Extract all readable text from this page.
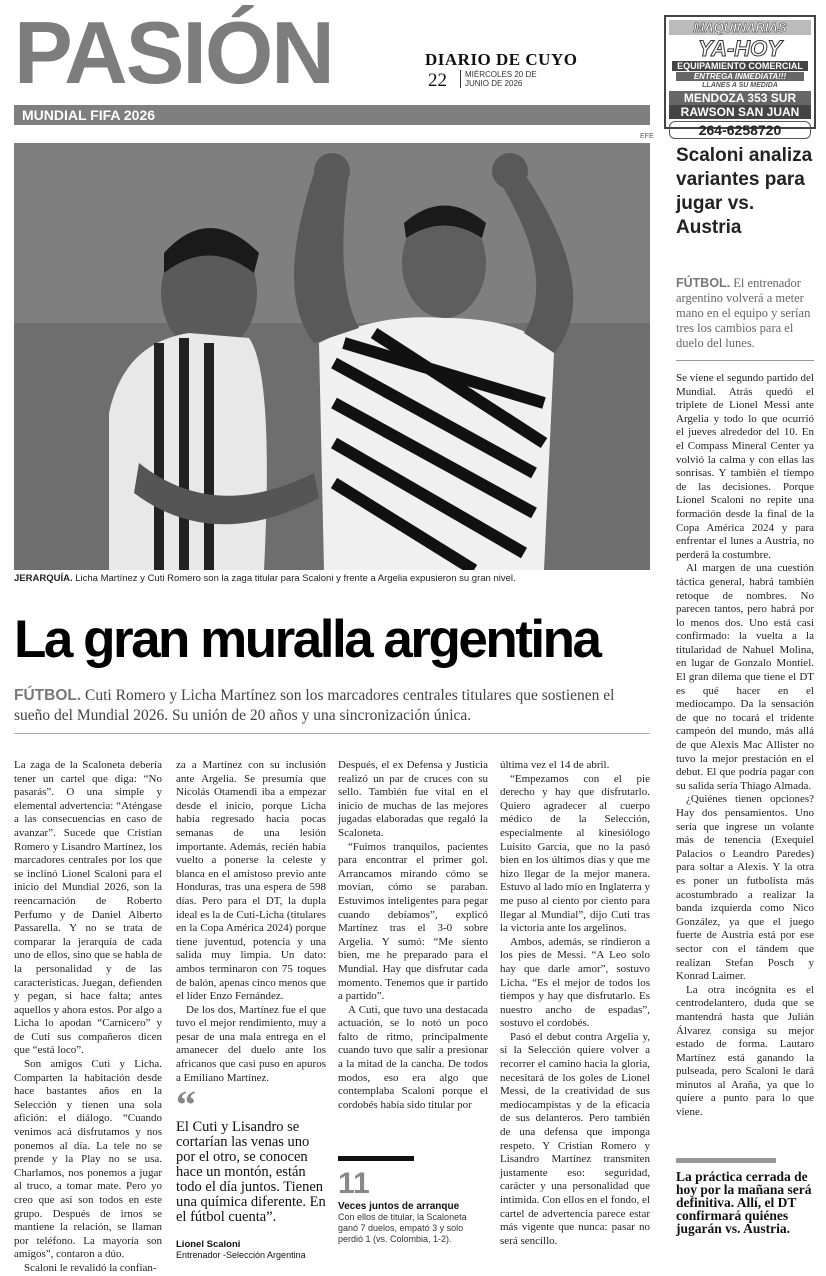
PASIÓN	DIARIO DE CUYO
22 MIÉRCOLES 20 DE
JUNIO DE 2026
MAQUINARIAS
YA-HOY
EQUIPAMIENTO COMERCIAL
ENTREGA INMEDIATA!!!
LLANES A SU MEDIDA
MENDOZA 353 SUR
RAWSON SAN JUAN
264-6258720
MUNDIAL FIFA 2026
EFE
JERARQUÍA. Licha Martínez y Cuti Romero son la zaga titular para Scaloni y frente a Argelia expusieron su gran nivel.
La gran muralla argentina
FÚTBOL. Cuti Romero y Licha Martínez son los marcadores centrales titulares que sostienen el sueño del Mundial 2026. Su unión de 20 años y una sincronización única.

La zaga de la Scaloneta debería tener un cartel que diga: “No pasarás”. O una simple y elemental advertencia: “Aténgase a las consecuencias en caso de avanzar”. Sucede que Cristian Romero y Lisandro Martínez, los marcadores centrales por los que se inclinó Lionel Scaloni para el inicio del Mundial 2026, son la reencarnación de Roberto Perfumo y de Daniel Alberto Passarella. Y no se trata de comparar la jerarquía de cada uno de ellos, sino que se habla de la personalidad y de las características. Juegan, defienden y pegan, si hace falta; antes aquellos y ahora estos. Por algo a Licha lo apodan “Carnicero” y de Cuti sus compañeros dicen que “está loco”.

Son amigos Cuti y Licha. Comparten la habitación desde hace bastantes años en la Selección y tienen una sola afición: el diálogo. “Cuando venimos acá disfrutamos y nos ponemos al día. La tele no se prende y la Play no se usa. Charlamos, nos ponemos a jugar al truco, a tomar mate. Pero yo creo que así son todos en este grupo. Después de irnos se mantiene la relación, se llaman por teléfono. La mayoría son amigos”, contaron a dúo.

Scaloni le revalidó la confian-

za a Martínez con su inclusión ante Argelia. Se presumía que Nicolás Otamendi iba a empezar desde el inicio, porque Licha había regresado hacia pocas semanas de una lesión importante. Además, recién había vuelto a ponerse la celeste y blanca en el amistoso previo ante Honduras, tras una espera de 598 días. Pero para el DT, la dupla ideal es la de Cuti-Licha (titulares en la Copa América 2024) porque tiene juventud, potencia y una salida muy limpia. Un dato: ambos terminaron con 75 toques de balón, apenas cinco menos que el líder Enzo Fernández.

De los dos, Martínez fue el que tuvo el mejor rendimiento, muy a pesar de una mala entrega en el amanecer del duelo ante los africanos que casi puso en apuros a Emiliano Martínez.

“
El Cuti y Lisandro se cortarían las venas uno por el otro, se conocen hace un montón, están todo el día juntos. Tienen una química diferente. En el fútbol cuenta”.
Lionel Scaloni
Entrenador -Selección Argentina

Después, el ex Defensa y Justicia realizó un par de cruces con su sello. También fue vital en el inicio de muchas de las mejores jugadas elaboradas que regaló la Scaloneta.

“Fuimos tranquilos, pacientes para encontrar el primer gol. Arrancamos mirando cómo se movían, cómo se paraban. Estuvimos inteligentes para pegar cuando debíamos”, explicó Martínez tras el 3-0 sobre Argelia. Y sumó: “Me siento bien, me he preparado para el Mundial. Hay que disfrutar cada momento. Tenemos que ir partido a partido”.

A Cuti, que tuvo una destacada actuación, se lo notó un poco falto de ritmo, principalmente cuando tuvo que salir a presionar a la mitad de la cancha. De todos modos, eso era algo que contemplaba Scaloni porque el cordobés había sido titular por

11
Veces juntos de arranque
Con ellos de titular, la Scaloneta ganó 7 duelos, empató 3 y solo perdió 1 (vs. Colombia, 1-2).

última vez el 14 de abril.

“Empezamos con el pie derecho y hay que disfrutarlo. Quiero agradecer al cuerpo médico de la Selección, especialmente al kinesiólogo Luisito García, que no la pasó bien en los últimos días y que me hizo llegar de la mejor manera. Estuvo al lado mío en Inglaterra y me puso al ciento por ciento para llegar al Mundial”, dijo Cuti tras la victoria ante los argelinos.

Ambos, además, se rindieron a los pies de Messi. “A Leo solo hay que darle amor”, sostuvo Licha. “Es el mejor de todos los tiempos y hay que disfrutarlo. Es nuestro ancho de espadas”, sostuvo el cordobés.

Pasó el debut contra Argelia y, si la Selección quiere volver a recorrer el camino hacia la gloria, necesitará de los goles de Lionel Messi, de la creatividad de sus mediocampistas y de la eficacia de sus delanteros. Pero también de una defensa que imponga respeto. Y Cristian Romero y Lisandro Martínez transmiten justamente eso: seguridad, carácter y una personalidad que intimida. Con ellos en el fondo, el cartel de advertencia parece estar más vigente que nunca: pasar no será sencillo.

Scaloni analiza variantes para jugar vs. Austria
FÚTBOL. El entrenador argentino volverá a meter mano en el equipo y serían tres los cambios para el duelo del lunes.

Se viene el segundo partido del Mundial. Atrás quedó el triplete de Lionel Messi ante Argelia y todo lo que ocurrió el jueves alrededor del 10. En el Compass Mineral Center ya volvió la calma y con ellas las sonrisas. Y también el tiempo de las decisiones. Porque Lionel Scaloni no repite una formación desde la final de la Copa América 2024 y para enfrentar el lunes a Austria, no perderá la costumbre.

Al margen de una cuestión táctica general, habrá también retoque de nombres. No parecen tantos, pero habrá por lo menos dos. Uno está casi confirmado: la vuelta a la titularidad de Nahuel Molina, en lugar de Gonzalo Montiel. El gran dilema que tiene el DT es qué hacer en el mediocampo. Da la sensación de que no tocará el tridente campeón del mundo, más allá de que Alexis Mac Allister no tuvo la mejor prestación en el debut. El que podría pagar con su salida sería Thiago Almada.

¿Quiénes tienen opciones? Hay dos pensamientos. Uno sería que ingrese un volante más de tenencia (Exequiel Palacios o Leandro Paredes) para soltar a Alexis. Y la otra es poner un futbolista más acostumbrado a realizar la banda izquierda como Nico González, ya que el juego fuerte de Austria está por ese sector con el tándem que realizan Stefan Posch y Konrad Laimer.

La otra incógnita es el centrodelantero, duda que se mantendrá hasta que Julián Álvarez consiga su mejor estado de forma. Lautaro Martínez está ganando la pulseada, pero Scaloni le dará minutos al Araña, ya que lo quiere a punto para lo que viene.

La práctica cerrada de hoy por la mañana será definitiva. Allí, el DT confirmará quiénes jugarán vs. Austria.
